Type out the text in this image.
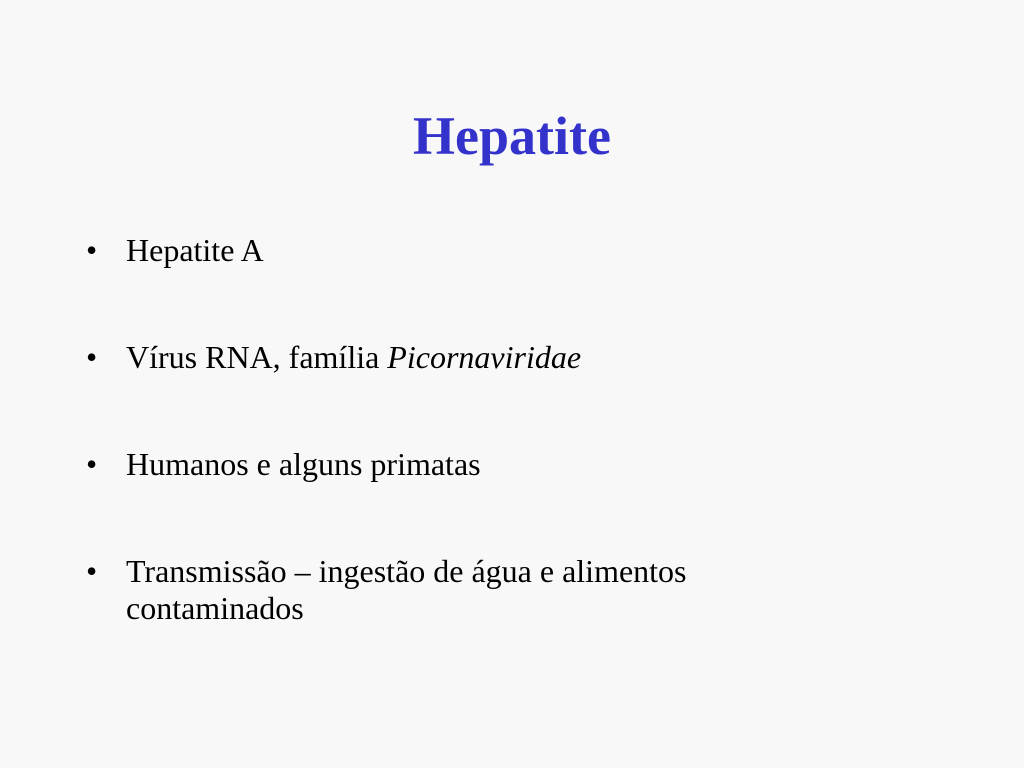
Hepatite
• Hepatite A
• Vírus RNA, família Picornaviridae
• Humanos e alguns primatas
• Transmissão – ingestão de água e alimentos contaminados
